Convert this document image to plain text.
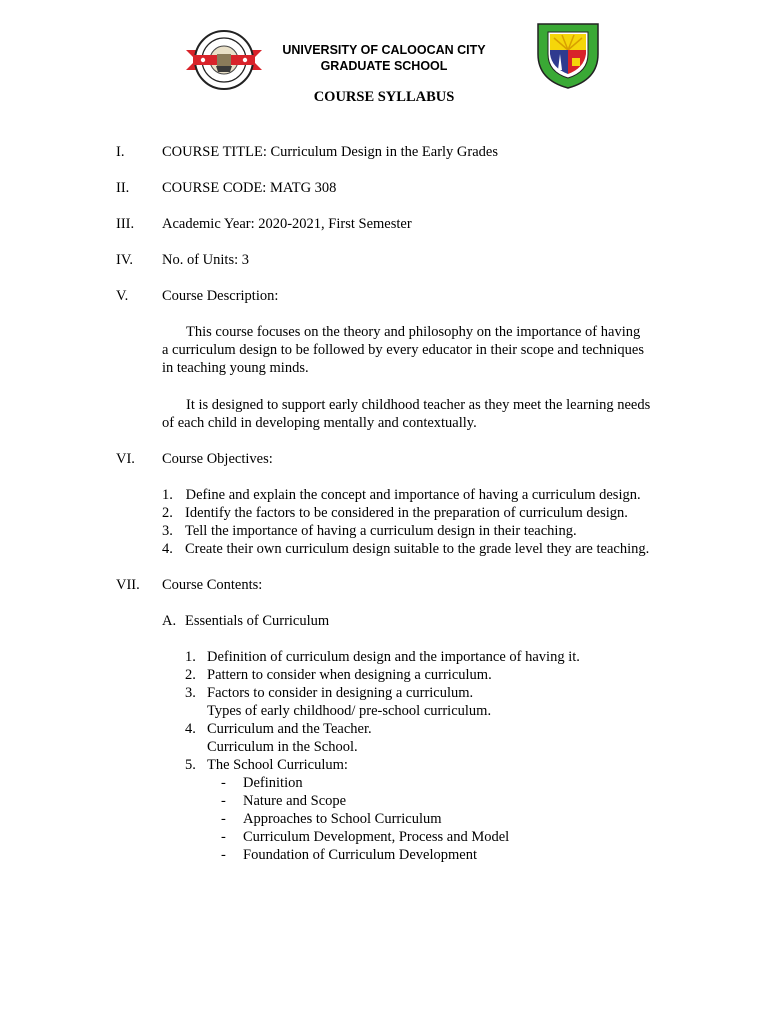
UNIVERSITY OF CALOOCAN CITY
GRADUATE SCHOOL
COURSE SYLLABUS
I.	COURSE TITLE: Curriculum Design in the Early Grades
II. COURSE CODE: MATG 308
III. Academic Year: 2020-2021, First Semester
IV. No. of Units: 3
V. Course Description:
This course focuses on the theory and philosophy on the importance of having
a curriculum design to be followed by every educator in their scope and techniques
in teaching young minds.
It is designed to support early childhood teacher as they meet the learning needs
of each child in developing mentally and contextually.
VI. Course Objectives:
1. Define and explain the concept and importance of having a curriculum design.
2. Identify the factors to be considered in the preparation of curriculum design.
3. Tell the importance of having a curriculum design in their teaching.
4. Create their own curriculum design suitable to the grade level they are teaching.
VII. Course Contents:
A. Essentials of Curriculum
1. Definition of curriculum design and the importance of having it.
2. Pattern to consider when designing a curriculum.
3. Factors to consider in designing a curriculum.
Types of early childhood/ pre-school curriculum.
4. Curriculum and the Teacher.
Curriculum in the School.
5. The School Curriculum:
- Definition
- Nature and Scope
- Approaches to School Curriculum
- Curriculum Development, Process and Model
- Foundation of Curriculum Development
